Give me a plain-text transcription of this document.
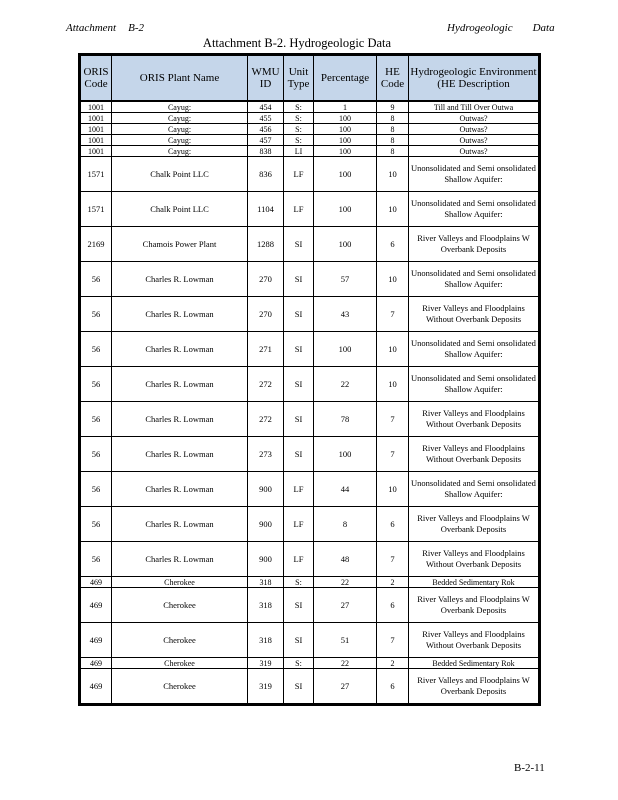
Attachment B-2	Hydrogeologic Data
Attachment B-2. Hydrogeologic Data
ORIS Code	ORIS Plant Name	WMU ID	Unit Type	Percentage	HE Code	Hydrogeologic Environment (HE Description
1001	Cayug:	454	S:	1	9	Till and Till Over Outwa
1001	Cayug:	455	S:	100	8	Outwas?
1001	Cayug:	456	S:	100	8	Outwas?
1001	Cayug:	457	S:	100	8	Outwas?
1001	Cayug:	838	LI	100	8	Outwas?
1571	Chalk Point LLC	836	LF	100	10	Unonsolidated and Semi onsolidated Shallow Aquifer:
1571	Chalk Point LLC	1104	LF	100	10	Unonsolidated and Semi onsolidated Shallow Aquifer:
2169	Chamois Power Plant	1288	SI	100	6	River Valleys and Floodplains W Overbank Deposits
56	Charles R. Lowman	270	SI	57	10	Unonsolidated and Semi onsolidated Shallow Aquifer:
56	Charles R. Lowman	270	SI	43	7	River Valleys and Floodplains Without Overbank Deposits
56	Charles R. Lowman	271	SI	100	10	Unonsolidated and Semi onsolidated Shallow Aquifer:
56	Charles R. Lowman	272	SI	22	10	Unonsolidated and Semi onsolidated Shallow Aquifer:
56	Charles R. Lowman	272	SI	78	7	River Valleys and Floodplains Without Overbank Deposits
56	Charles R. Lowman	273	SI	100	7	River Valleys and Floodplains Without Overbank Deposits
56	Charles R. Lowman	900	LF	44	10	Unonsolidated and Semi onsolidated Shallow Aquifer:
56	Charles R. Lowman	900	LF	8	6	River Valleys and Floodplains W Overbank Deposits
56	Charles R. Lowman	900	LF	48	7	River Valleys and Floodplains Without Overbank Deposits
469	Cherokee	318	S:	22	2	Bedded Sedimentary Rok
469	Cherokee	318	SI	27	6	River Valleys and Floodplains W Overbank Deposits
469	Cherokee	318	SI	51	7	River Valleys and Floodplains Without Overbank Deposits
469	Cherokee	319	S:	22	2	Bedded Sedimentary Rok
469	Cherokee	319	SI	27	6	River Valleys and Floodplains W Overbank Deposits
B-2-11
